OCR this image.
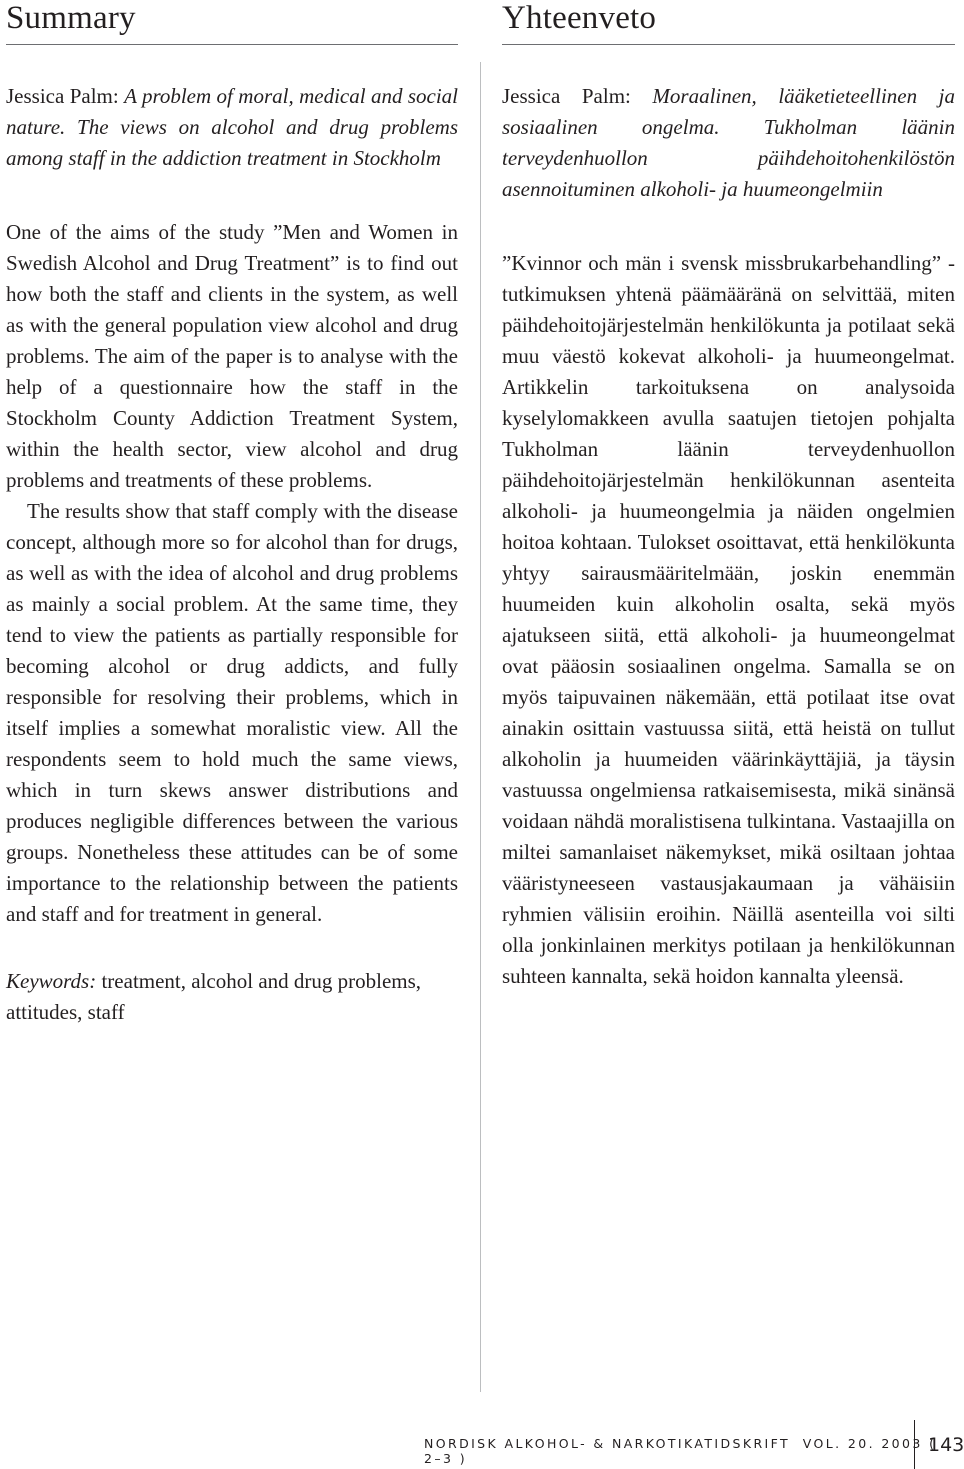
Summary

Jessica Palm: A problem of moral, medical and social nature. The views on alcohol and drug problems among staff in the addiction treatment in Stockholm

One of the aims of the study ”Men and Women in Swedish Alcohol and Drug Treatment” is to find out how both the staff and clients in the system, as well as with the general population view alcohol and drug problems. The aim of the paper is to analyse with the help of a questionnaire how the staff in the Stockholm County Addiction Treatment System, within the health sector, view alcohol and drug problems and treatments of these problems.

The results show that staff comply with the disease concept, although more so for alcohol than for drugs, as well as with the idea of alcohol and drug problems as mainly a social problem. At the same time, they tend to view the patients as partially responsible for becoming alcohol or drug addicts, and fully responsible for resolving their problems, which in itself implies a somewhat moralistic view. All the respondents seem to hold much the same views, which in turn skews answer distributions and produces negligible differences between the various groups. Nonetheless these attitudes can be of some importance to the relationship between the patients and staff and for treatment in general.

Keywords: treatment, alcohol and drug problems, attitudes, staff

Yhteenveto

Jessica Palm: Moraalinen, lääketieteellinen ja sosiaalinen ongelma. Tukholman läänin terveydenhuollon päihdehoitohenkilöstön asennoituminen alkoholi- ja huumeongelmiin

”Kvinnor och män i svensk missbrukarbehandling” -tutkimuksen yhtenä päämääränä on selvittää, miten päihdehoitojärjestelmän henkilökunta ja potilaat sekä muu väestö kokevat alkoholi- ja huumeongelmat. Artikkelin tarkoituksena on analysoida kyselylomakkeen avulla saatujen tietojen pohjalta Tukholman läänin terveydenhuollon päihdehoitojärjestelmän henkilökunnan asenteita alkoholi- ja huumeongelmia ja näiden ongelmien hoitoa kohtaan. Tulokset osoittavat, että henkilökunta yhtyy sairausmääritelmään, joskin enemmän huumeiden kuin alkoholin osalta, sekä myös ajatukseen siitä, että alkoholi- ja huumeongelmat ovat pääosin sosiaalinen ongelma. Samalla se on myös taipuvainen näkemään, että potilaat itse ovat ainakin osittain vastuussa siitä, että heistä on tullut alkoholin ja huumeiden väärinkäyttäjiä, ja täysin vastuussa ongelmiensa ratkaisemisesta, mikä sinänsä voidaan nähdä moralistisena tulkintana. Vastaajilla on miltei samanlaiset näkemykset, mikä osiltaan johtaa vääristyneeseen vastausjakaumaan ja vähäisiin ryhmien välisiin eroihin. Näillä asenteilla voi silti olla jonkinlainen merkitys potilaan ja henkilökunnan suhteen kannalta, sekä hoidon kannalta yleensä.

NORDISK ALKOHOL- & NARKOTIKATIDSKRIFT VOL. 20. 2003 ( 2–3 )
143
